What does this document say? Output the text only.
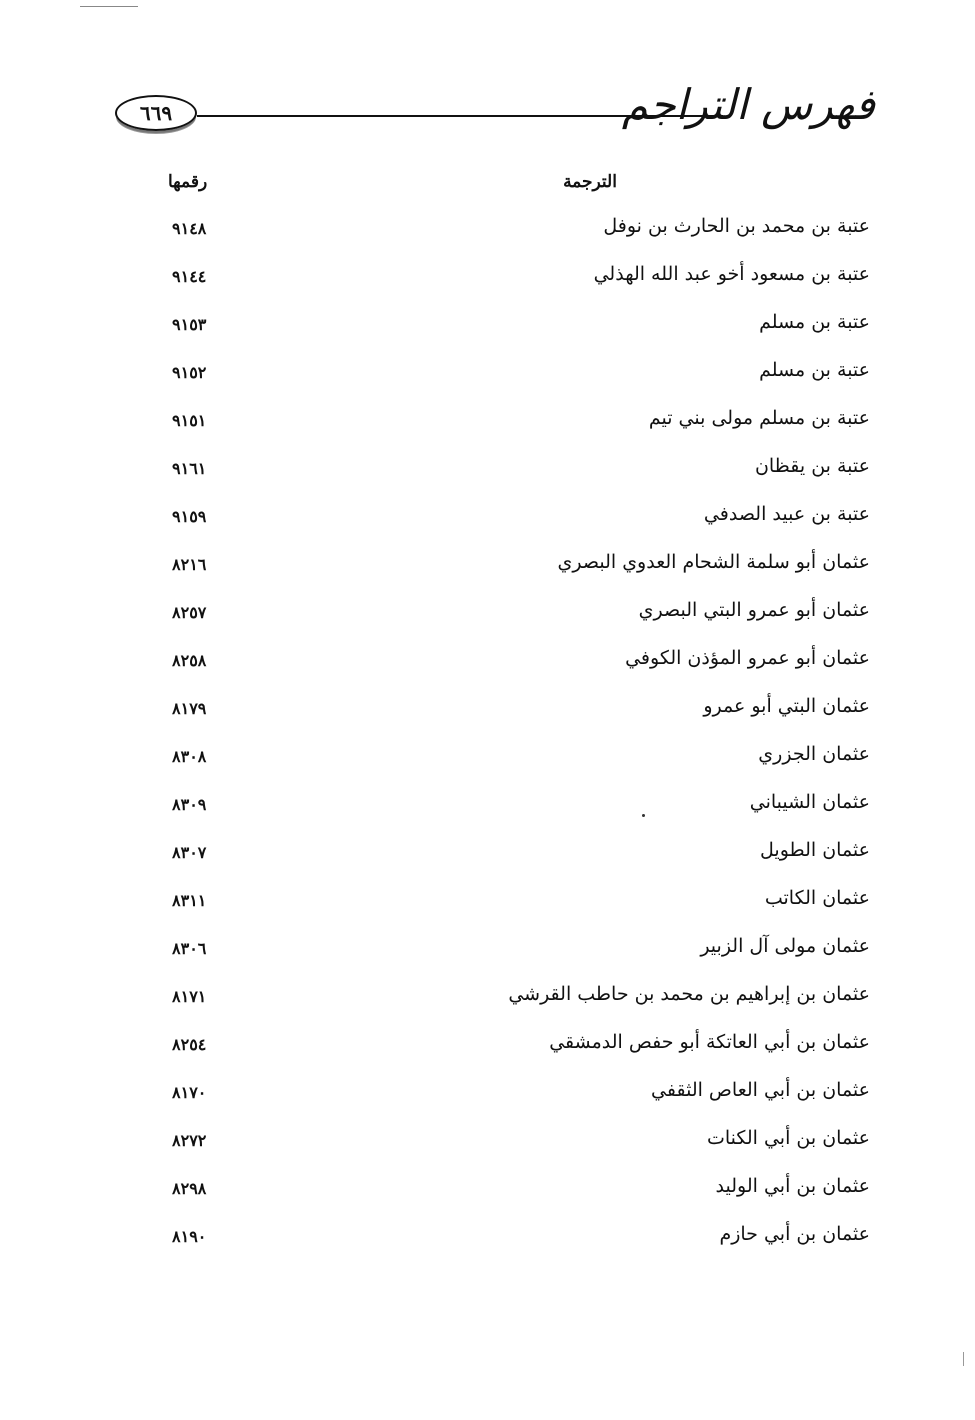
٦٦٩	فهرس التراجم
الترجمة
رقمها
عتبة بن محمد بن الحارث بن نوفل
٩١٤٨
عتبة بن مسعود أخو عبد الله الهذلي
٩١٤٤
عتبة بن مسلم
٩١٥٣
عتبة بن مسلم
٩١٥٢
عتبة بن مسلم مولى بني تيم
٩١٥١
عتبة بن يقظان
٩١٦١
عتبة بن عبيد الصدفي
٩١٥٩
عثمان أبو سلمة الشحام العدوي البصري
٨٢١٦
عثمان أبو عمرو البتي البصري
٨٢٥٧
عثمان أبو عمرو المؤذن الكوفي
٨٢٥٨
عثمان البتي أبو عمرو
٨١٧٩
عثمان الجزري
٨٣٠٨
عثمان الشيباني
٨٣٠٩
عثمان الطويل
٨٣٠٧
عثمان الكاتب
٨٣١١
عثمان مولى آل الزبير
٨٣٠٦
عثمان بن إبراهيم بن محمد بن حاطب القرشي
٨١٧١
عثمان بن أبي العاتكة أبو حفص الدمشقي
٨٢٥٤
عثمان بن أبي العاص الثقفي
٨١٧٠
عثمان بن أبي الكنات
٨٢٧٢
عثمان بن أبي الوليد
٨٢٩٨
عثمان بن أبي حازم
٨١٩٠
